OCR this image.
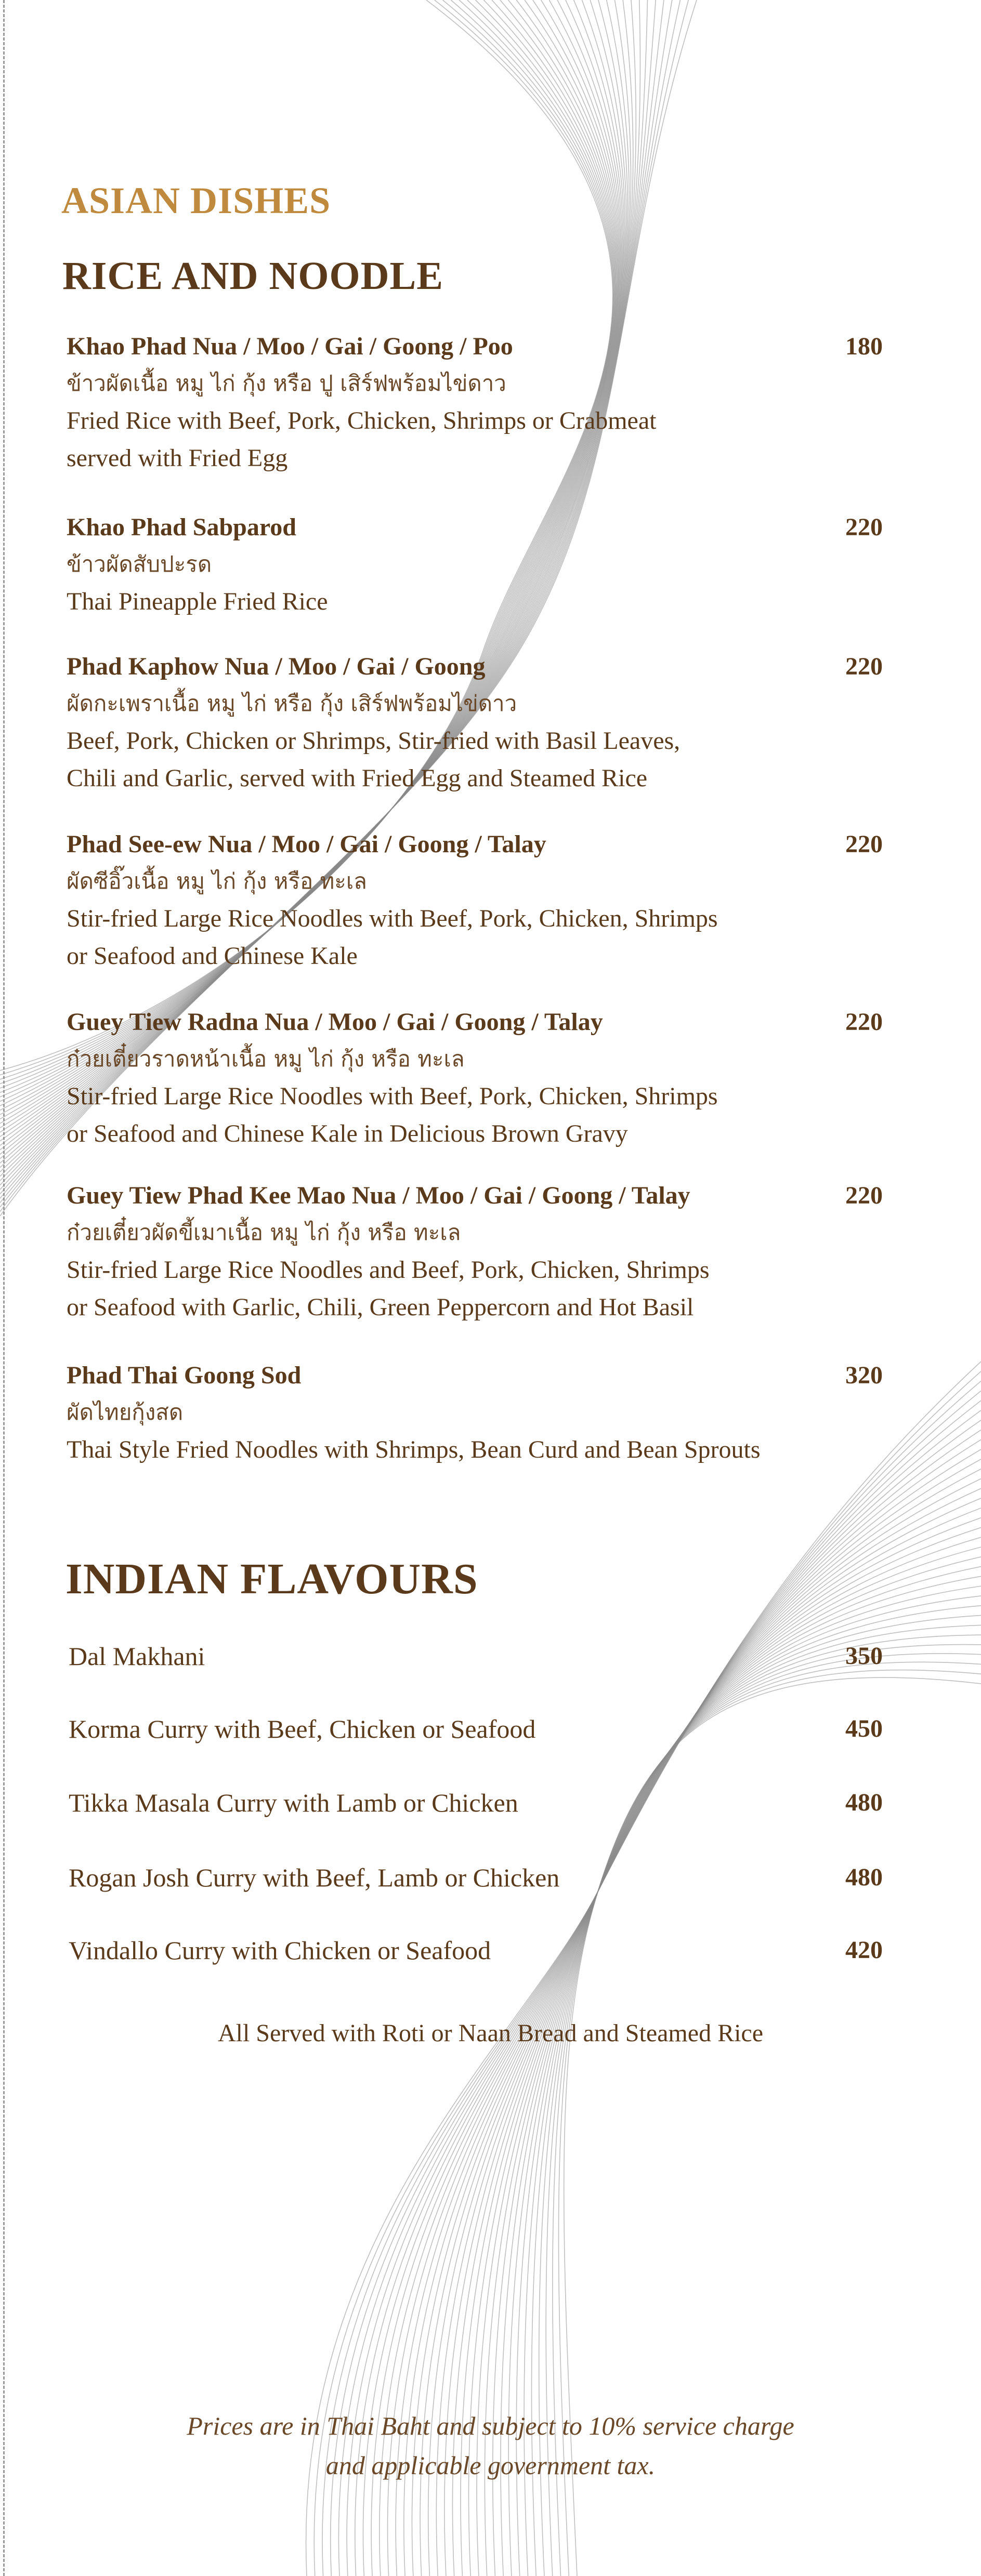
ASIAN DISHES
RICE AND NOODLE
Khao Phad Nua / Moo / Gai / Goong / Poo
ข้าวผัดเนื้อ หมู ไก่ กุ้ง หรือ ปู เสิร์ฟพร้อมไข่ดาว
Fried Rice with Beef, Pork, Chicken, Shrimps or Crabmeat
served with Fried Egg
180
Khao Phad Sabparod
ข้าวผัดสับปะรด
Thai Pineapple Fried Rice
220
Phad Kaphow Nua / Moo / Gai / Goong
ผัดกะเพราเนื้อ หมู ไก่ หรือ กุ้ง เสิร์ฟพร้อมไข่ดาว
Beef, Pork, Chicken or Shrimps, Stir-fried with Basil Leaves,
Chili and Garlic, served with Fried Egg and Steamed Rice
220
Phad See-ew Nua / Moo / Gai / Goong / Talay
ผัดซีอิ๊วเนื้อ หมู ไก่ กุ้ง หรือ ทะเล
Stir-fried Large Rice Noodles with Beef, Pork, Chicken, Shrimps
or Seafood and Chinese Kale
220
Guey Tiew Radna Nua / Moo / Gai / Goong / Talay
ก๋วยเตี๋ยวราดหน้าเนื้อ หมู ไก่ กุ้ง หรือ ทะเล
Stir-fried Large Rice Noodles with Beef, Pork, Chicken, Shrimps
or Seafood and Chinese Kale in Delicious Brown Gravy
220
Guey Tiew Phad Kee Mao Nua / Moo / Gai / Goong / Talay
ก๋วยเตี๋ยวผัดขี้เมาเนื้อ หมู ไก่ กุ้ง หรือ ทะเล
Stir-fried Large Rice Noodles and Beef, Pork, Chicken, Shrimps
or Seafood with Garlic, Chili, Green Peppercorn and Hot Basil
220
Phad Thai Goong Sod
ผัดไทยกุ้งสด
Thai Style Fried Noodles with Shrimps, Bean Curd and Bean Sprouts
320
INDIAN FLAVOURS
Dal Makhani	350
Korma Curry with Beef, Chicken or Seafood	450
Tikka Masala Curry with Lamb or Chicken	480
Rogan Josh Curry with Beef, Lamb or Chicken	480
Vindallo Curry with Chicken or Seafood	420
All Served with Roti or Naan Bread and Steamed Rice
Prices are in Thai Baht and subject to 10% service charge
and applicable government tax.
